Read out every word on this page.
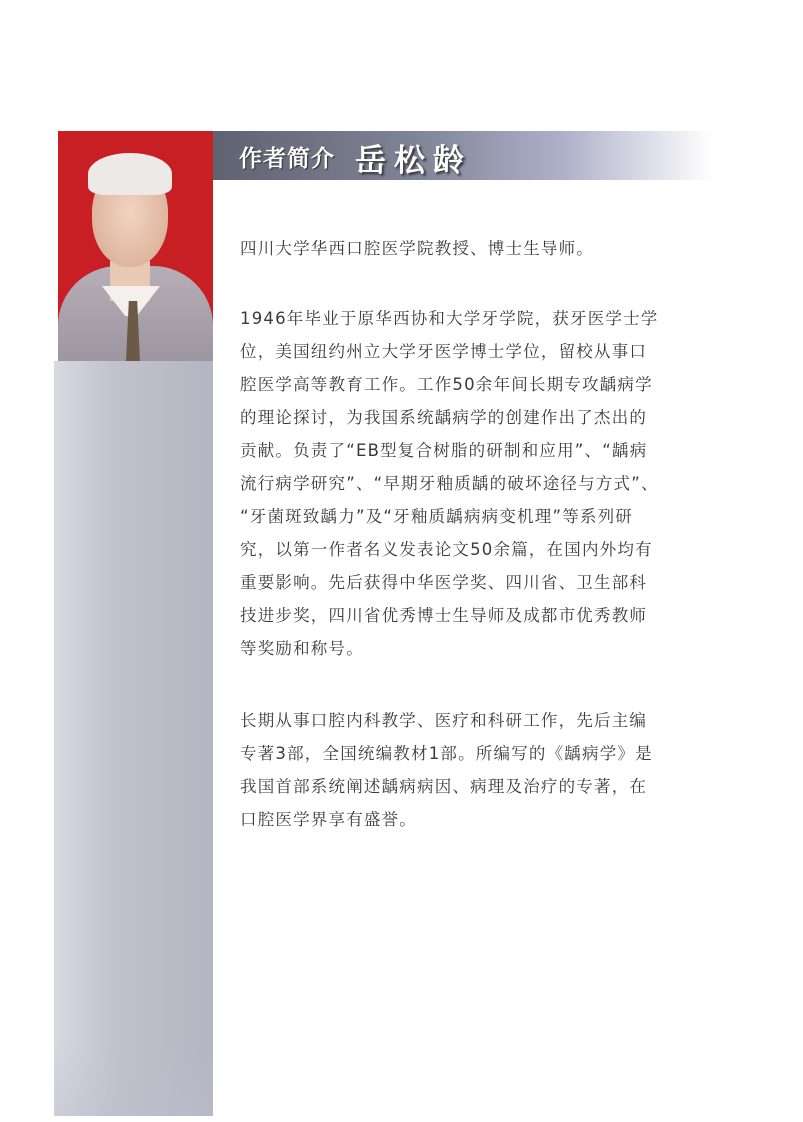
作者简介 岳松龄
四川大学华西口腔医学院教授、博士生导师。
1946年毕业于原华西协和大学牙学院，获牙医学士学
位，美国纽约州立大学牙医学博士学位，留校从事口
腔医学高等教育工作。工作50余年间长期专攻龋病学
的理论探讨，为我国系统龋病学的创建作出了杰出的
贡献。负责了“EB型复合树脂的研制和应用”、“龋病
流行病学研究”、“早期牙釉质龋的破坏途径与方式”、
“牙菌斑致龋力”及“牙釉质龋病病变机理”等系列研
究，以第一作者名义发表论文50余篇，在国内外均有
重要影响。先后获得中华医学奖、四川省、卫生部科
技进步奖，四川省优秀博士生导师及成都市优秀教师
等奖励和称号。
长期从事口腔内科教学、医疗和科研工作，先后主编
专著3部，全国统编教材1部。所编写的《龋病学》是
我国首部系统阐述龋病病因、病理及治疗的专著，在
口腔医学界享有盛誉。
